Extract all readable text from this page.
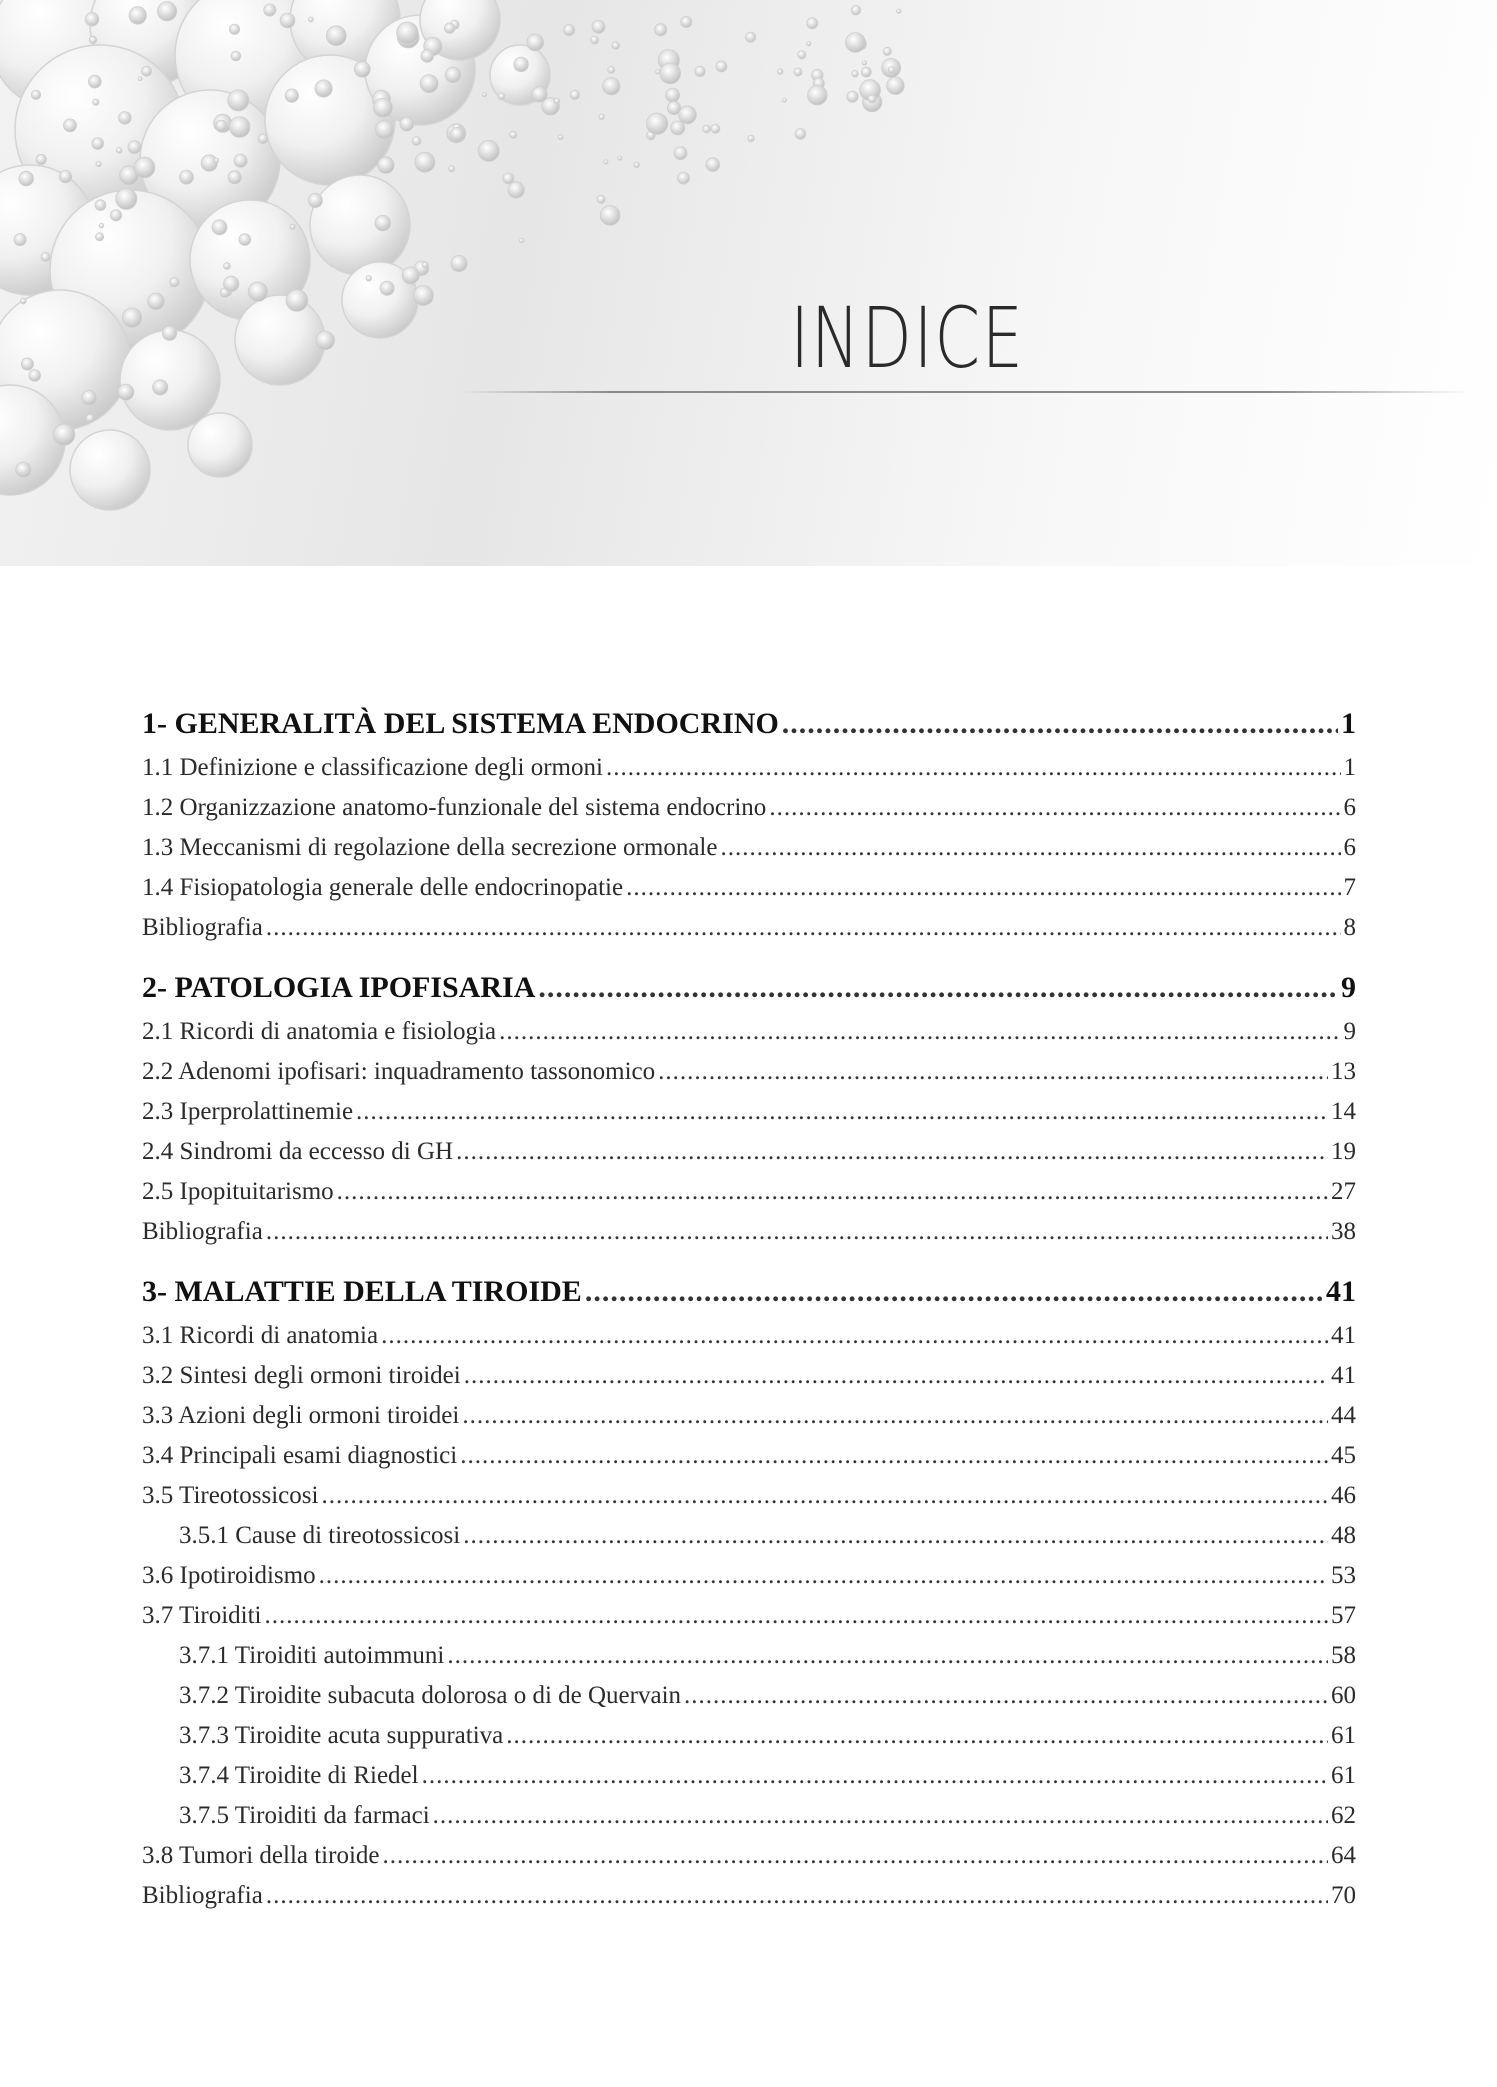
INDICE
1- GENERALITÀ DEL SISTEMA ENDOCRINO .....	1
1.1 Definizione e classificazione degli ormoni .....	1
1.2 Organizzazione anatomo-funzionale del sistema endocrino .....	6
1.3 Meccanismi di regolazione della secrezione ormonale .....	6
1.4 Fisiopatologia generale delle endocrinopatie .....	7
Bibliografia .....	8
2- PATOLOGIA IPOFISARIA .....	9
2.1 Ricordi di anatomia e fisiologia .....	9
2.2 Adenomi ipofisari: inquadramento tassonomico .....	13
2.3 Iperprolattinemie .....	14
2.4 Sindromi da eccesso di GH .....	19
2.5 Ipopituitarismo .....	27
Bibliografia .....	38
3- MALATTIE DELLA TIROIDE .....	41
3.1 Ricordi di anatomia .....	41
3.2 Sintesi degli ormoni tiroidei .....	41
3.3 Azioni degli ormoni tiroidei .....	44
3.4 Principali esami diagnostici .....	45
3.5 Tireotossicosi .....	46
3.5.1 Cause di tireotossicosi .....	48
3.6 Ipotiroidismo .....	53
3.7 Tiroiditi .....	57
3.7.1 Tiroiditi autoimmuni .....	58
3.7.2 Tiroidite subacuta dolorosa o di de Quervain .....	60
3.7.3 Tiroidite acuta suppurativa .....	61
3.7.4 Tiroidite di Riedel .....	61
3.7.5 Tiroiditi da farmaci .....	62
3.8 Tumori della tiroide .....	64
Bibliografia .....	70
